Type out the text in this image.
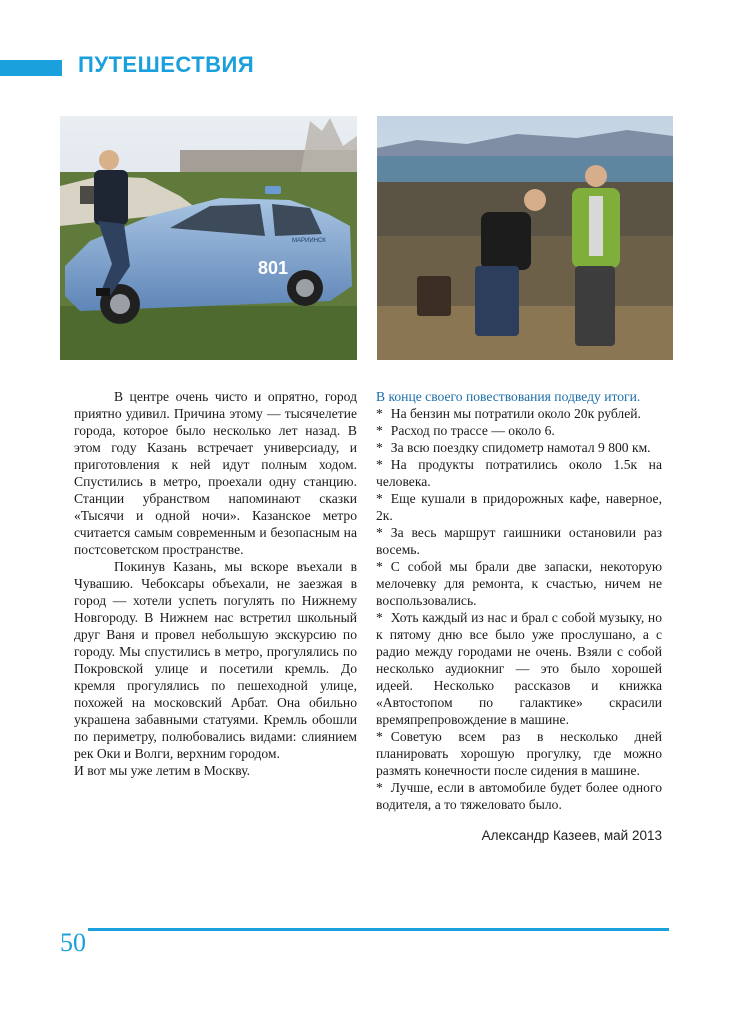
ПУТЕШЕСТВИЯ
801
МАРИИНСК

В центре очень чисто и опрятно, город приятно удивил. Причина этому — тысячелетие города, которое было несколько лет назад. В этом году Казань встречает универсиаду, и приготовления к ней идут полным ходом. Спустились в метро, проехали одну станцию. Станции убранством напоминают сказки «Тысячи и одной ночи». Казанское метро считается самым современным и безопасным на постсоветском пространстве.

Покинув Казань, мы вскоре въехали в Чувашию. Чебоксары объехали, не заезжая в город — хотели успеть погулять по Нижнему Новгороду. В Нижнем нас встретил школьный друг Ваня и провел небольшую экскурсию по городу. Мы спустились в метро, прогулялись по Покровской улице и посетили кремль. До кремля прогулялись по пешеходной улице, похожей на московский Арбат. Она обильно украшена забавными статуями. Кремль обошли по периметру, полюбовались видами: слиянием рек Оки и Волги, верхним городом.

И вот мы уже летим в Москву.

В конце своего повествования подведу итоги.

* На бензин мы потратили около 20к рублей.
* Расход по трассе — около 6.
* За всю поездку спидометр намотал 9 800 км.
* На продукты потратились около 1.5к на человека.
* Еще кушали в придорожных кафе, наверное, 2к.
* За весь маршрут гаишники остановили раз восемь.
* С собой мы брали две запаски, некоторую мелочевку для ремонта, к счастью, ничем не воспользовались.
* Хоть каждый из нас и брал с собой музыку, но к пятому дню все было уже прослушано, а с радио между городами не очень. Взяли с собой несколько аудиокниг — это было хорошей идеей. Несколько рассказов и книжка «Автостопом по галактике» скрасили времяпрепровождение в машине.
* Советую всем раз в несколько дней планировать хорошую прогулку, где можно размять конечности после сидения в машине.
* Лучше, если в автомобиле будет более одного водителя, а то тяжеловато было.

Александр Казеев, май 2013

50
